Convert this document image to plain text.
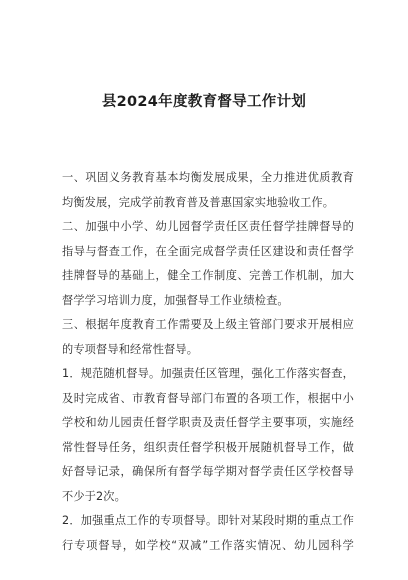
县2024年度教育督导工作计划
一、巩固义务教育基本均衡发展成果，全力推进优质教育
均衡发展，完成学前教育普及普惠国家实地验收工作。
二、加强中小学、幼儿园督学责任区责任督学挂牌督导的
指导与督查工作，在全面完成督学责任区建设和责任督学
挂牌督导的基础上，健全工作制度、完善工作机制，加大
督学学习培训力度，加强督导工作业绩检查。
三、根据年度教育工作需要及上级主管部门要求开展相应
的专项督导和经常性督导。
1．规范随机督导。加强责任区管理，强化工作落实督查，
及时完成省、市教育督导部门布置的各项工作，根据中小
学校和幼儿园责任督学职责及责任督学主要事项，实施经
常性督导任务，组织责任督学积极开展随机督导工作，做
好督导记录，确保所有督学每学期对督学责任区学校督导
不少于2次。
2．加强重点工作的专项督导。即针对某段时期的重点工作
行专项督导，如学校“双减”工作落实情况、幼儿园科学
